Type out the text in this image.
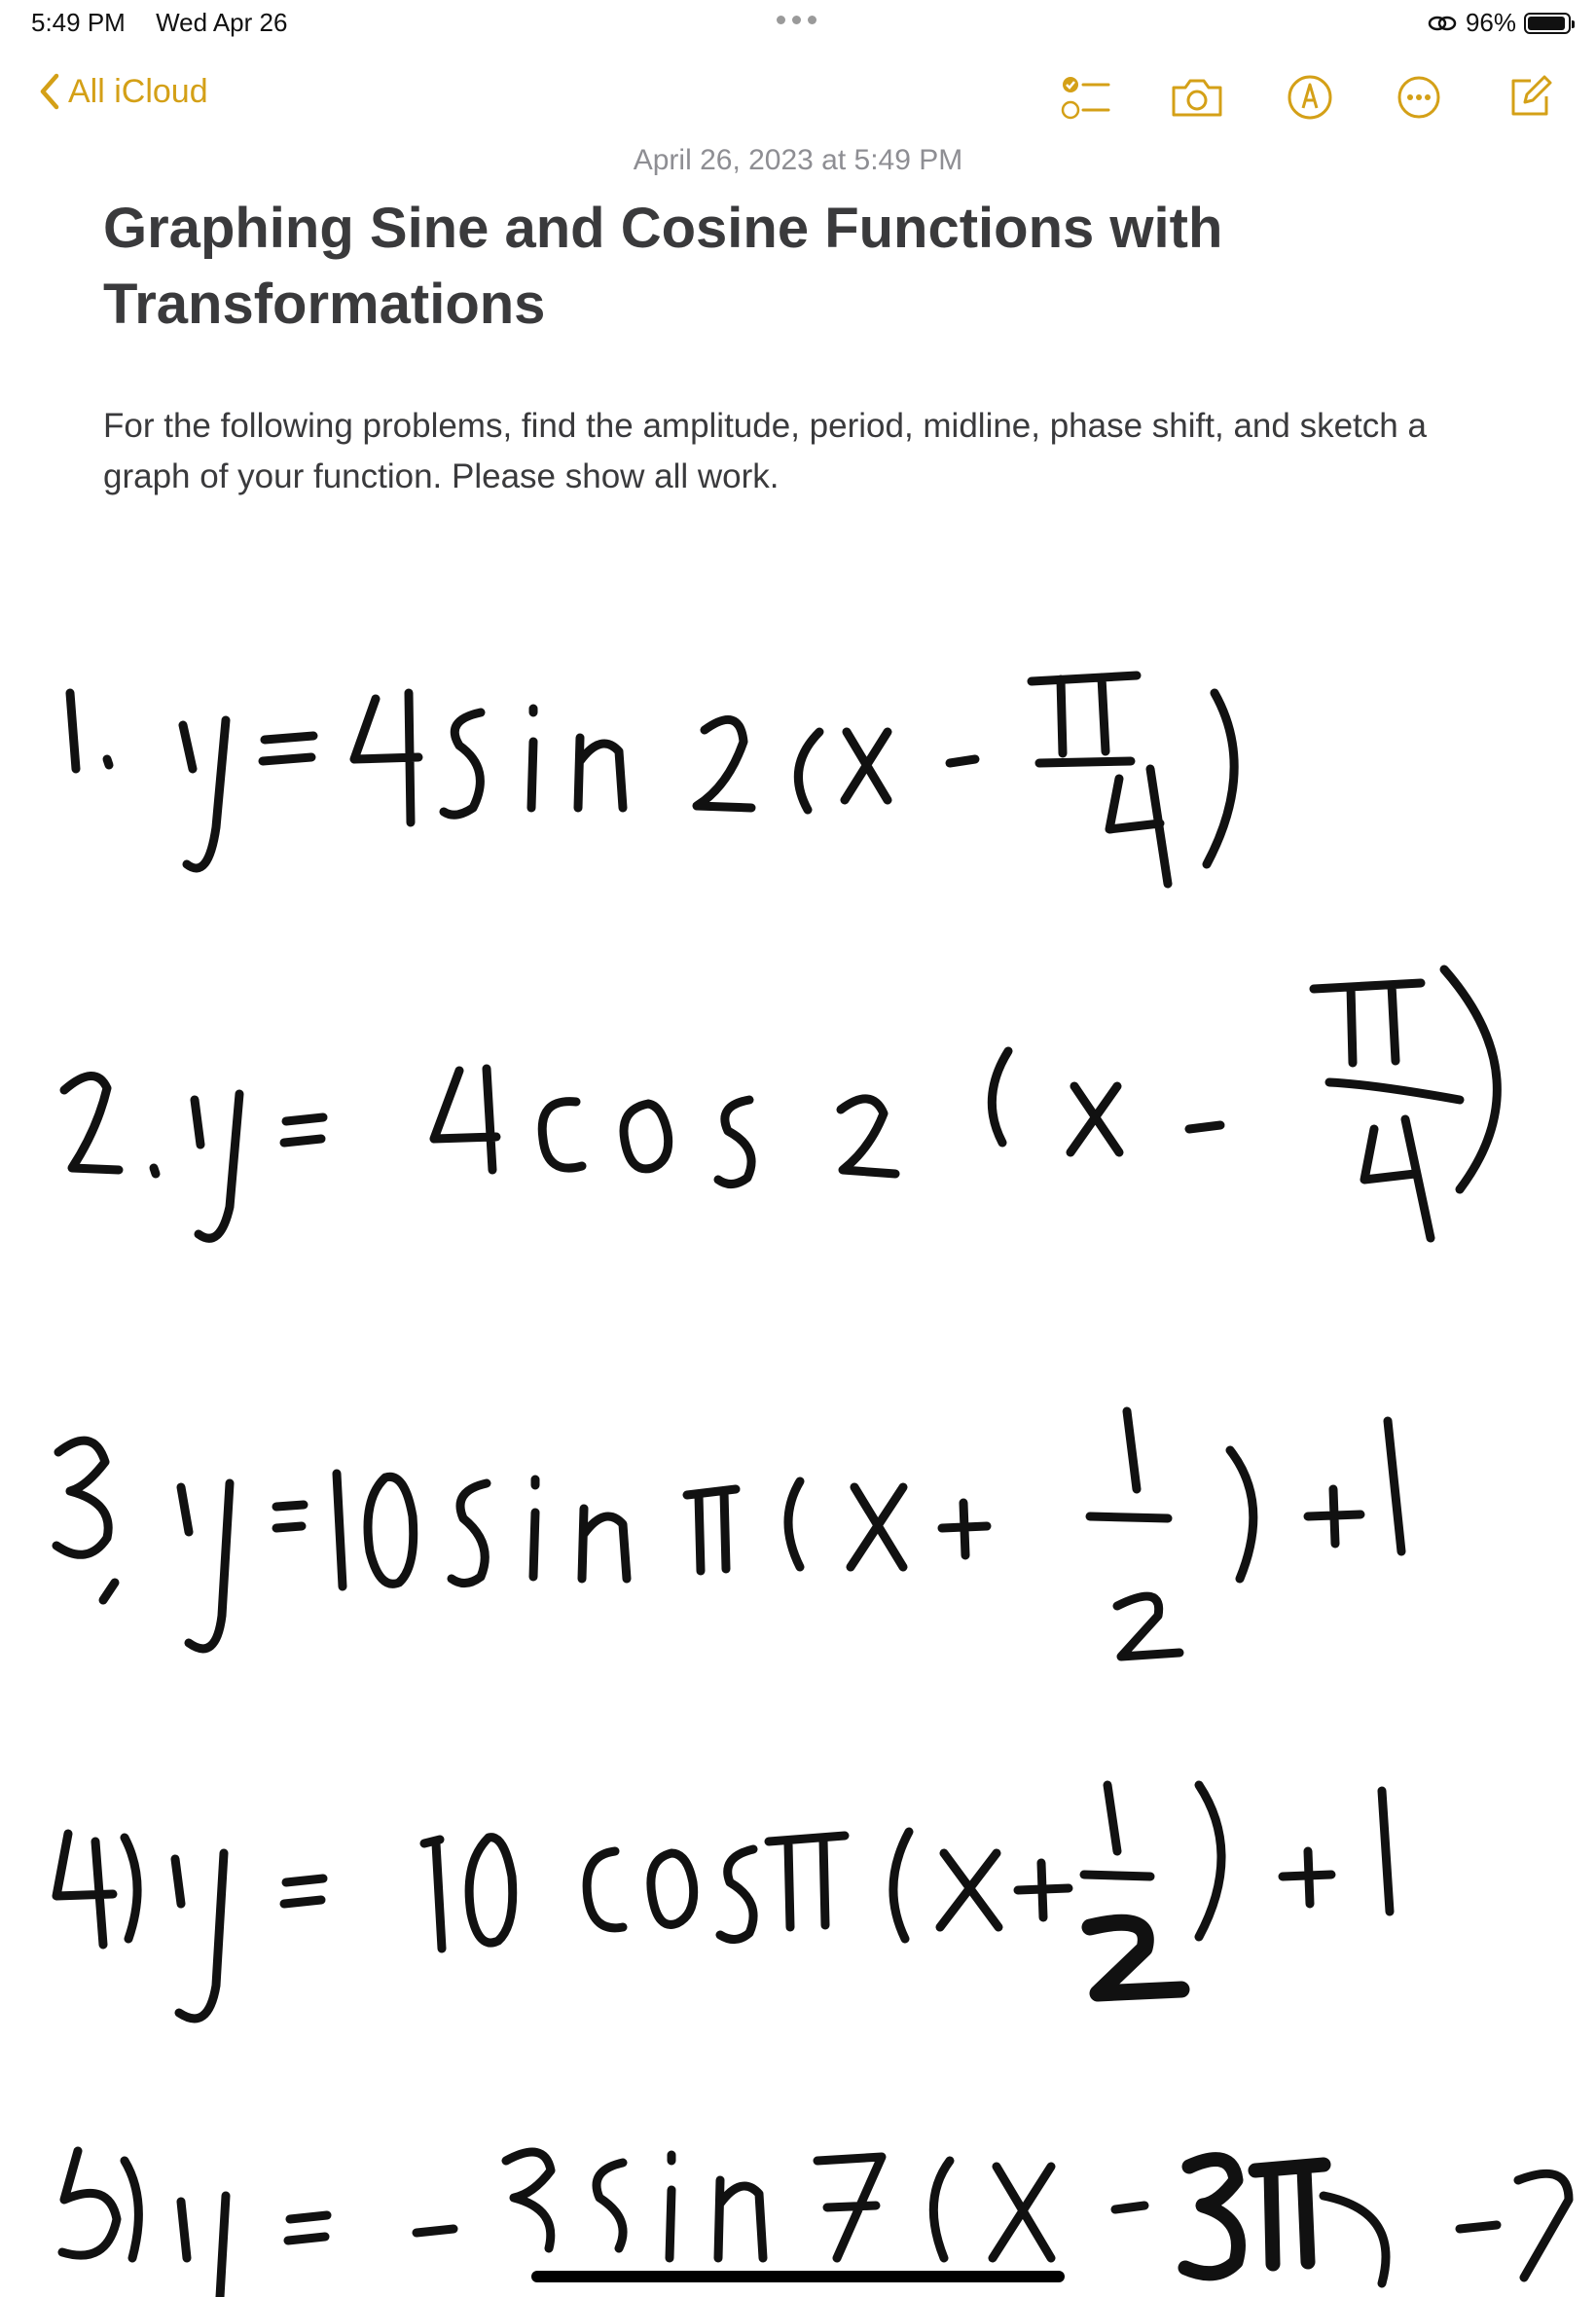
5:49 PM Wed Apr 26	96%
All iCloud
April 26, 2023 at 5:49 PM
Graphing Sine and Cosine Functions with Transformations

For the following problems, find the amplitude, period, midline, phase shift, and sketch a graph of your function. Please show all work.
